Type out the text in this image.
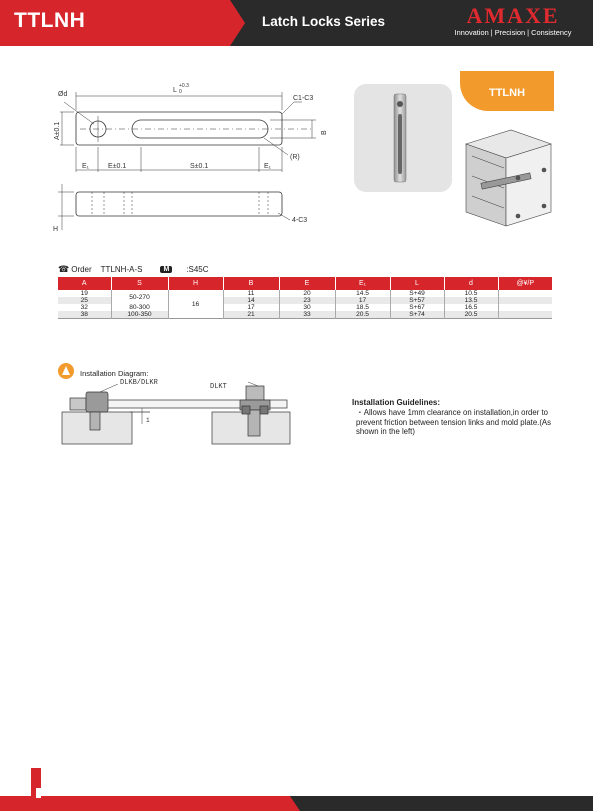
TTLNH	Latch Locks Series	AMAXE
Innovation | Precision | Consistency
Ød
L
+0.3
0
C1-C3
(R)
A±0.1	B
E₁	E±0.1	S±0.1	E₁
H
4-C3
TTLNH
☎ Order TTLNH-A-S	M	:S45C
A	S	H	B	E	E₁	L	d	@¥/P
19	50-270	16	11	20	14.5	S+49	10.5	
25			14	23	17	S+57	13.5	
32	80-300		17	30	18.5	S+67	16.5	
38	100-350		21	33	20.5	S+74	20.5	
Installation Diagram:
DLKB/DLKR	DLKT
1
Installation Guidelines:
・Allows have 1mm clearance on installation,in order to prevent friction between tension links and mold plate.(As shown in the left)
